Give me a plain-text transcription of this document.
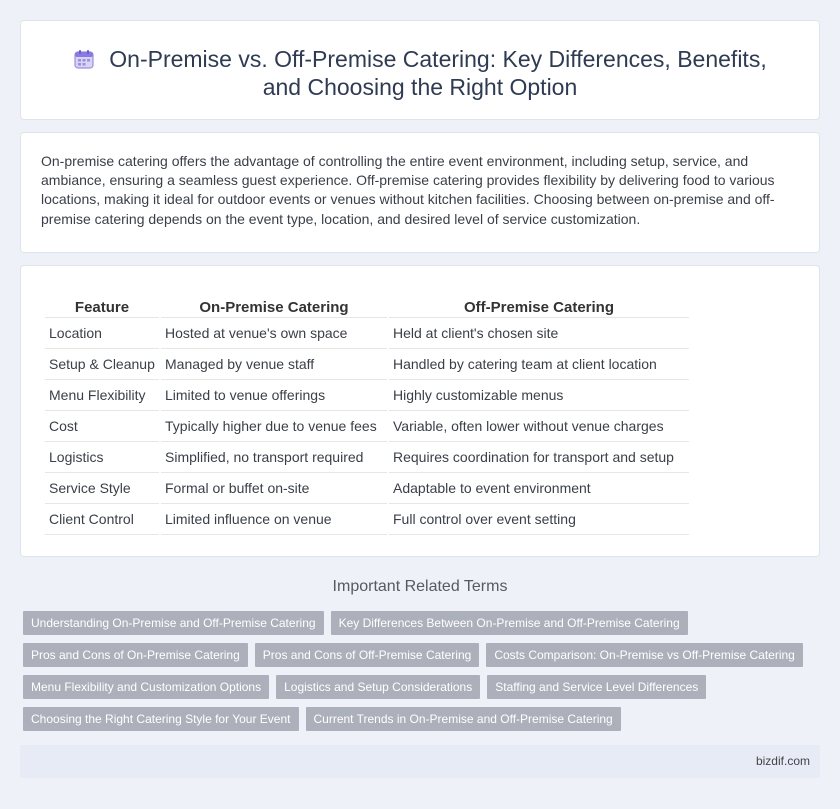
On-Premise vs. Off-Premise Catering: Key Differences, Benefits,
and Choosing the Right Option

On-premise catering offers the advantage of controlling the entire event environment, including setup, service, and ambiance, ensuring a seamless guest experience. Off-premise catering provides flexibility by delivering food to various locations, making it ideal for outdoor events or venues without kitchen facilities. Choosing between on-premise and off-premise catering depends on the event type, location, and desired level of service customization.

Feature	On-Premise Catering	Off-Premise Catering
Location	Hosted at venue's own space	Held at client's chosen site
Setup & Cleanup	Managed by venue staff	Handled by catering team at client location
Menu Flexibility	Limited to venue offerings	Highly customizable menus
Cost	Typically higher due to venue fees	Variable, often lower without venue charges
Logistics	Simplified, no transport required	Requires coordination for transport and setup
Service Style	Formal or buffet on-site	Adaptable to event environment
Client Control	Limited influence on venue	Full control over event setting
Important Related Terms
Understanding On-Premise and Off-Premise Catering Key Differences Between On-Premise and Off-Premise Catering
Pros and Cons of On-Premise Catering Pros and Cons of Off-Premise Catering Costs Comparison: On-Premise vs Off-Premise Catering
Menu Flexibility and Customization Options Logistics and Setup Considerations Staffing and Service Level Differences
Choosing the Right Catering Style for Your Event Current Trends in On-Premise and Off-Premise Catering
bizdif.com
